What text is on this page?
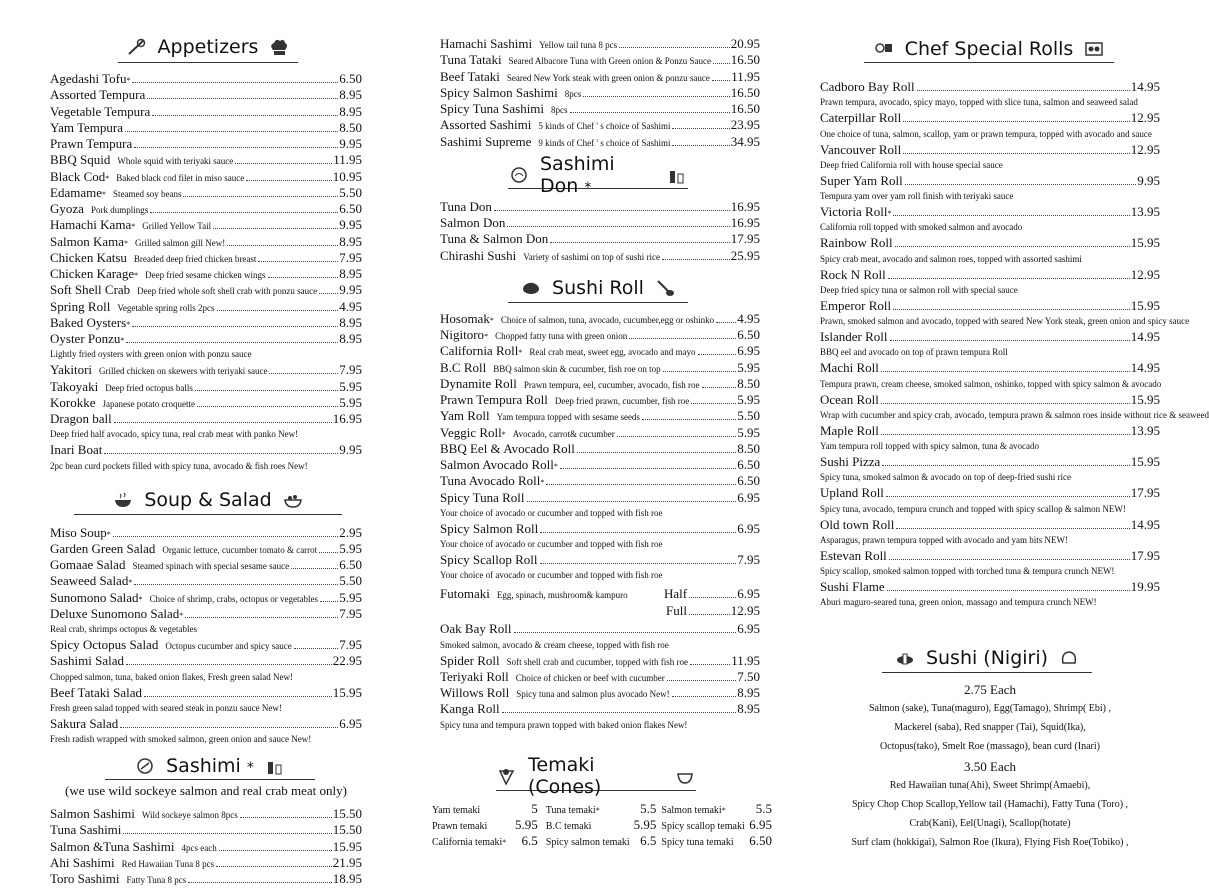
Appetizers
Agedashi Tofu *	6.50
Assorted Tempura	8.95
Vegetable Tempura	8.95
Yam Tempura	8.50
Prawn Tempura	9.95
BBQ Squid Whole squid with teriyaki sauce	11.95
Black Cod * Baked black cod filet in miso sauce	10.95
Edamame * Steamed soy beans	5.50
Gyoza Pork dumplings	6.50
Hamachi Kama * Grilled Yellow Tail	9.95
Salmon Kama * Grilled salmon gill New!	8.95
Chicken Katsu Breaded deep fried chicken breast	7.95
Chicken Karage * Deep fried sesame chicken wings	8.95
Soft Shell Crab Deep fried whole soft shell crab with ponzu sauce 9.95
Spring Roll Vegetable spring rolls 2pcs	4.95
Baked Oysters *	8.95
Oyster Ponzu *	8.95
Lightly fried oysters with green onion with ponzu sauce
Yakitori Grilled chicken on skewers with teriyaki sauce	7.95
Takoyaki Deep fried octopus balls	5.95
Korokke Japanese potato croquette	5.95
Dragon ball	16.95
Deep fried half avocado, spicy tuna, real crab meat with panko New!
Inari Boat	9.95
2pc bean curd pockets filled with spicy tuna, avocado & fish roes New!
Soup & Salad
Miso Soup *	2.95
Garden Green Salad Organic lettuce, cucumber tomato & carrot 5.95
Gomaae Salad Steamed spinach with special sesame sauce	6.50
Seaweed Salad *	5.50
Sunomono Salad * Choice of shrimp, crabs, octopus or vegetables 5.95
Deluxe Sunomono Salad *	7.95
Real crab, shrimps octopus & vegetables
Spicy Octopus Salad Octopus cucumber and spicy sauce	7.95
Sashimi Salad	22.95
Chopped salmon, tuna, baked onion flakes, Fresh green salad New!
Beef Tataki Salad	15.95
Fresh green salad topped with seared steak in ponzu sauce New!
Sakura Salad	6.95
Fresh radish wrapped with smoked salmon, green onion and sauce New!
Sashimi *
(we use wild sockeye salmon and real crab meat only)
Salmon Sashimi Wild sockeye salmon 8pcs	15.50
Tuna Sashimi	15.50
Salmon &Tuna Sashimi 4pcs each	15.95
Ahi Sashimi Red Hawaiian Tuna 8 pcs	21.95
Toro Sashimi Fatty Tuna 8 pcs	18.95
Hamachi Sashimi Yellow tail tuna 8 pcs	20.95
Tuna Tataki Seared Albacore Tuna with Green onion & Ponzu Sauce 16.50
Beef Tataki Seared New York steak with green onion & ponzu sauce 11.95
Spicy Salmon Sashimi 8pcs	16.50
Spicy Tuna Sashimi 8pcs	16.50
Assorted Sashimi 5 kinds of Chef ' s choice of Sashimi	23.95
Sashimi Supreme 9 kinds of Chef ' s choice of Sashimi	34.95
Sashimi Don *
Tuna Don	16.95
Salmon Don	16.95
Tuna & Salmon Don	17.95
Chirashi Sushi Variety of sashimi on top of sushi rice	25.95
Sushi Roll
Hosomak * Choice of salmon, tuna, avocado, cucumber,egg or oshinko 4.95
Nigitoro * Chopped fatty tuna with green onion	6.50
California Roll * Real crab meat, sweet egg, avocado and mayo	6.95
B.C Roll BBQ salmon skin & cucumber, fish roe on top	5.95
Dynamite Roll Prawn tempura, eel, cucumber, avocado, fish roe	8.50
Prawn Tempura Roll Deep fried prawn, cucumber, fish roe	5.95
Yam Roll Yam tempura topped with sesame seeds	5.50
Veggic Roll * Avocado, carrot& cucumber	5.95
BBQ Eel & Avocado Roll	8.50
Salmon Avocado Roll *	6.50
Tuna Avocado Roll *	6.50
Spicy Tuna Roll	6.95
Your choice of avocado or cucumber and topped with fish roe
Spicy Salmon Roll	6.95
Your choice of avocado or cucumber and topped with fish roe
Spicy Scallop Roll	7.95
Your choice of avocado or cucumber and topped with fish roe
Futomaki Egg, spinach, mushroom& kampuro	Half	6.95
Full	12.95
Oak Bay Roll	6.95
Smoked salmon, avocado & cream cheese, topped with fish roe
Spider Roll Soft shell crab and cucumber, topped with fish roe	11.95
Teriyaki Roll Choice of chicken or beef with cucumber	7.50
Willows Roll Spicy tuna and salmon plus avocado New!	8.95
Kanga Roll	8.95
Spicy tuna and tempura prawn topped with baked onion flakes New!
Temaki (Cones)
Yam temaki	5 Tuna temaki *	5.5 Salmon temaki * 5.5
Prawn temaki 5.95 B.C temaki	5.95 Spicy scallop temaki 6.95
California temaki * 6.5 Spicy salmon temaki 6.5 Spicy tuna temaki 6.50
Chef Special Rolls
Cadboro Bay Roll	14.95
Prawn tempura, avocado, spicy mayo, topped with slice tuna, salmon and seaweed salad
Caterpillar Roll	12.95
One choice of tuna, salmon, scallop, yam or prawn tempura, topped with avocado and sauce
Vancouver Roll	12.95
Deep fried California roll with house special sauce
Super Yam Roll	9.95
Tempura yam over yam roll finish with teriyaki sauce
Victoria Roll *	13.95
California roll topped with smoked salmon and avocado
Rainbow Roll	15.95
Spicy crab meat, avocado and salmon roes, topped with assorted sashimi
Rock N Roll	12.95
Deep fried spicy tuna or salmon roll with special sauce
Emperor Roll	15.95
Prawn, smoked salmon and avocado, topped with seared New York steak, green onion and spicy sauce
Islander Roll	14.95
BBQ eel and avocado on top of prawn tempura Roll
Machi Roll	14.95
Tempura prawn, cream cheese, smoked salmon, oshinko, topped with spicy salmon & avocado
Ocean Roll	15.95
Wrap with cucumber and spicy crab, avocado, tempura prawn & salmon roes inside without rice & seaweed
Maple Roll	13.95
Yam tempura roll topped with spicy salmon, tuna & avocado
Sushi Pizza	15.95
Spicy tuna, smoked salmon & avocado on top of deep-fried sushi rice
Upland Roll	17.95
Spicy tuna, avocado, tempura crunch and topped with spicy scallop & salmon NEW!
Old town Roll	14.95
Asparagus, prawn tempura topped with avocado and yam bits NEW!
Estevan Roll	17.95
Spicy scallop, smoked salmon topped with torched tuna & tempura crunch NEW!
Sushi Flame	19.95
Aburi maguro-seared tuna, green onion, massago and tempura crunch NEW!
Sushi (Nigiri)
2.75 Each
Salmon (sake), Tuna(maguro), Egg(Tamago), Shrimp( Ebi) ,
Mackerel (saba), Red snapper (Tai), Squid(Ika),
Octopus(tako), Smelt Roe (massago), bean curd (Inari)
3.50 Each
Red Hawaiian tuna(Ahi), Sweet Shrimp(Amaebi),
Spicy Chop Chop Scallop,Yellow tail (Hamachi), Fatty Tuna (Toro) ,
Crab(Kani), Eel(Unagi), Scallop(hotate)
Surf clam (hokkigai), Salmon Roe (Ikura), Flying Fish Roe(Tobiko) ,
